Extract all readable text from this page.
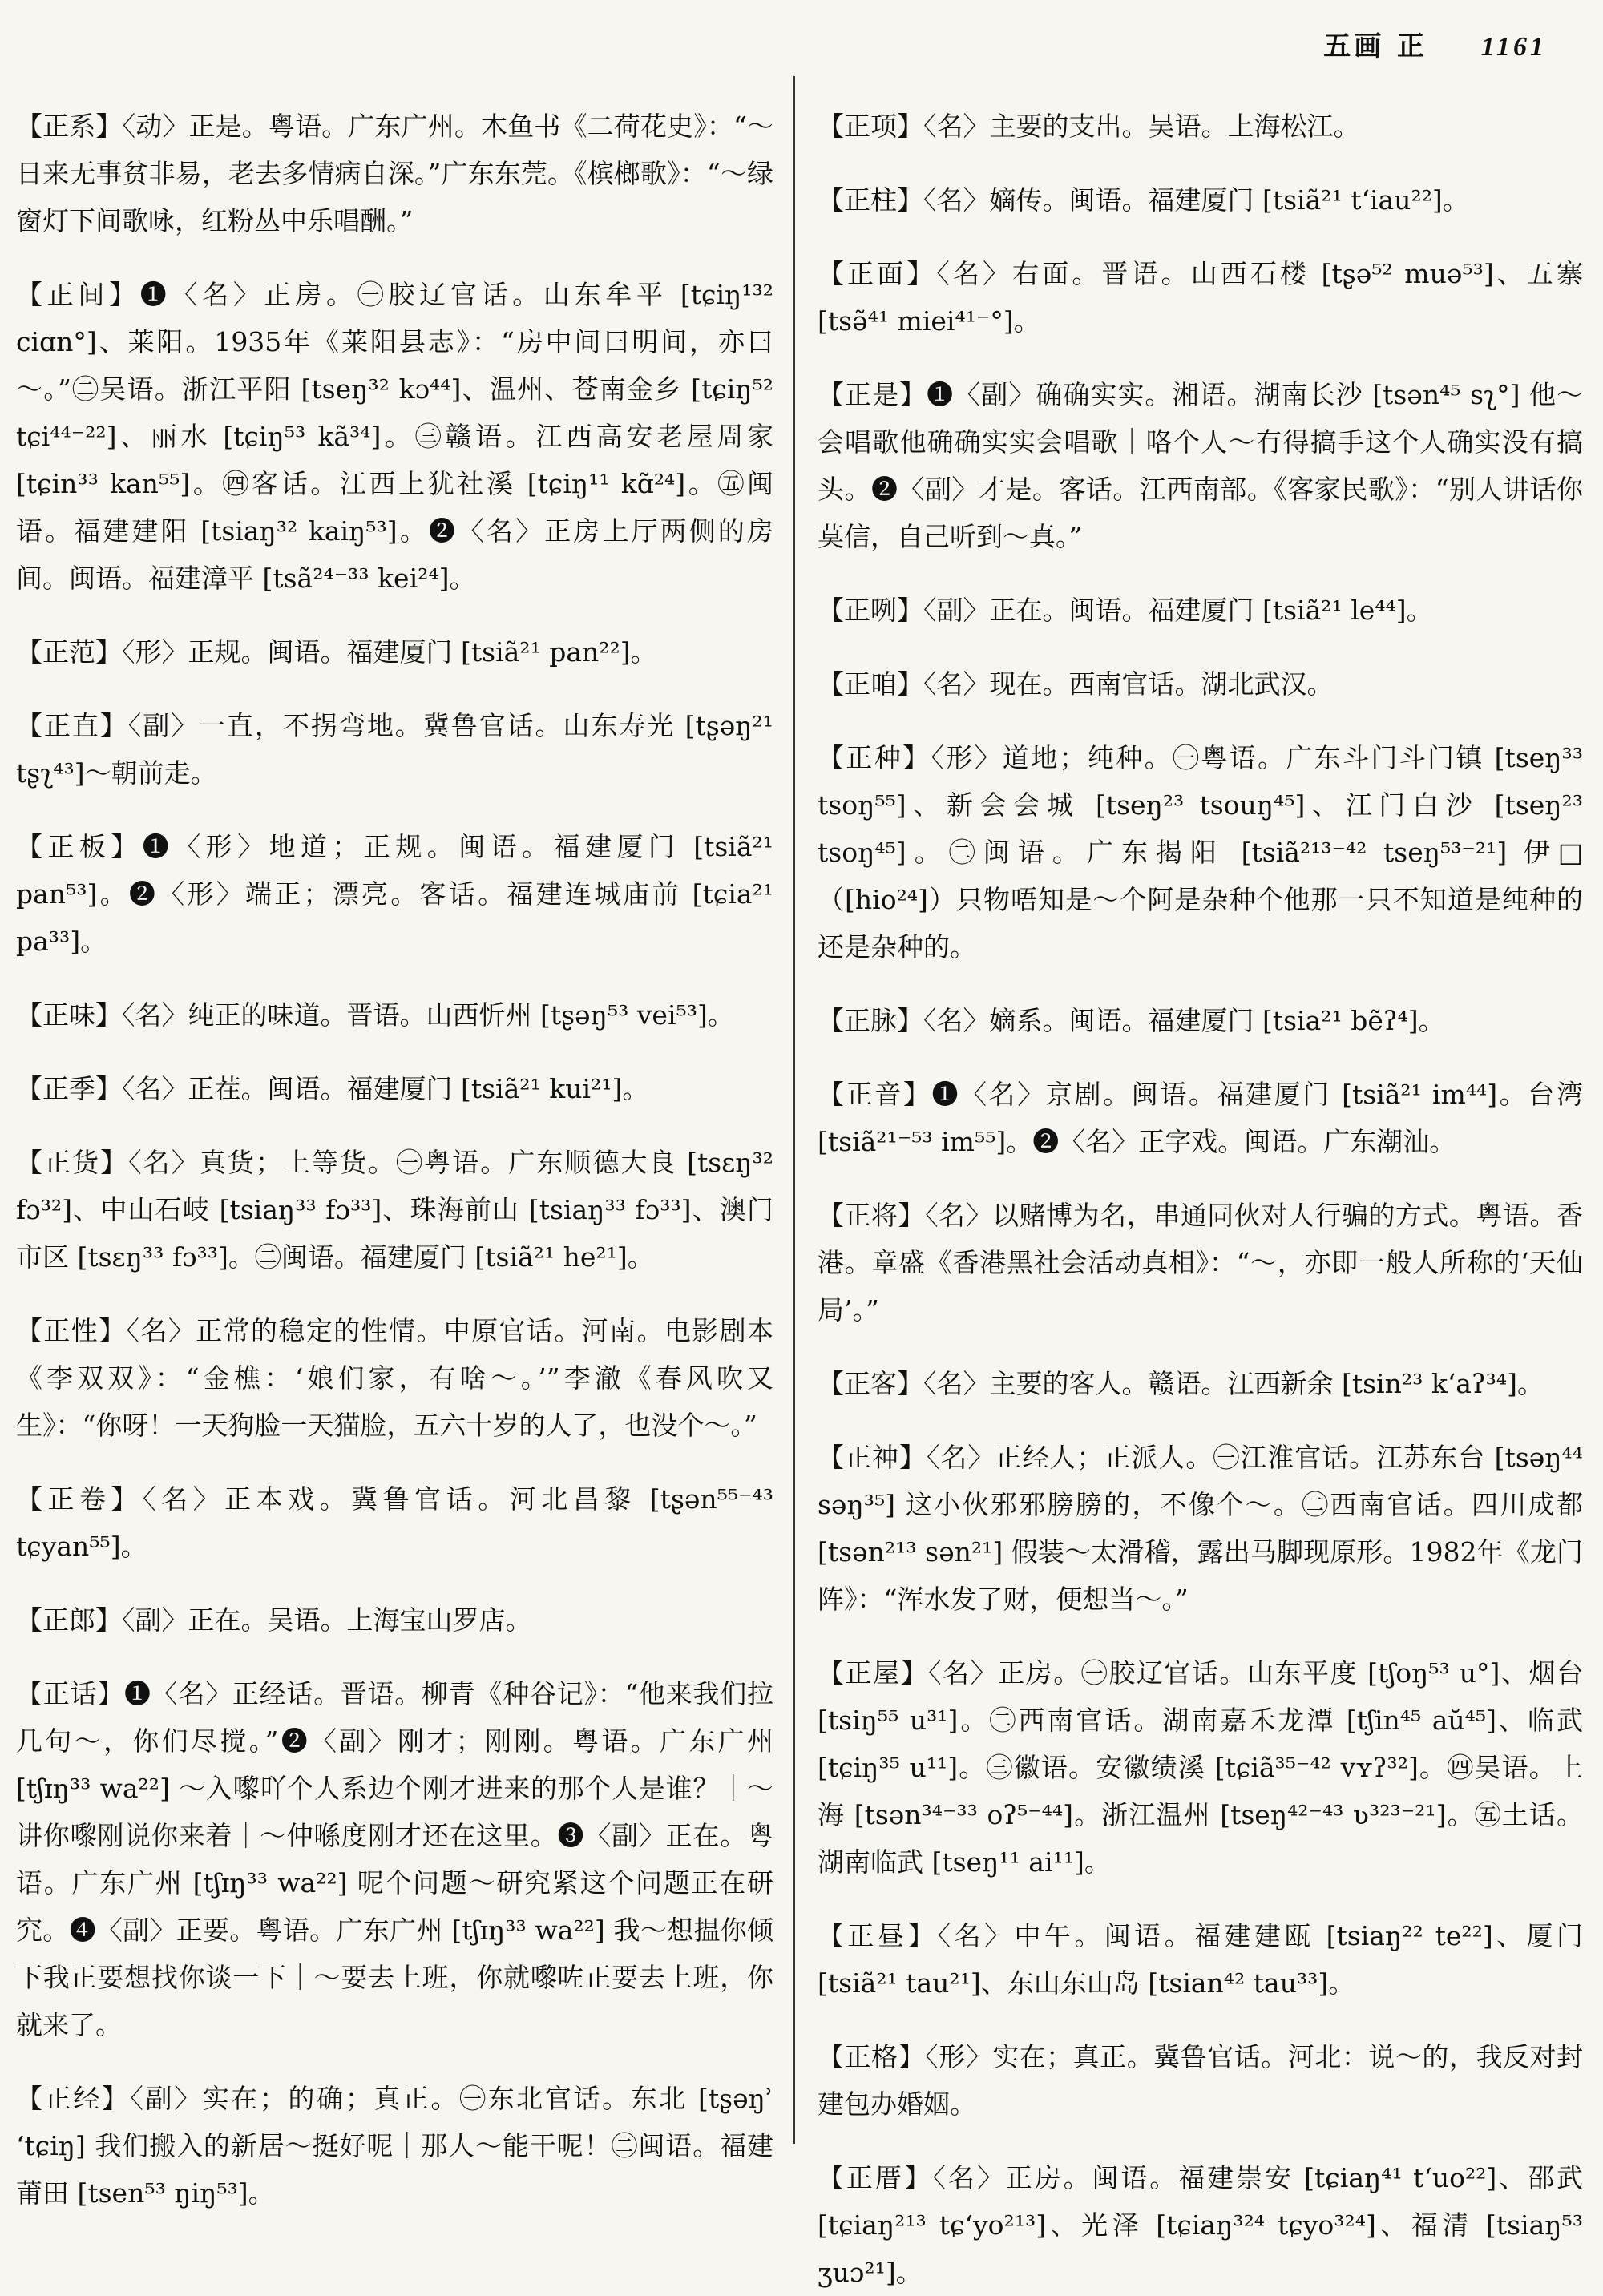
五画 正 1161

【正系】〈动〉正是。粤语。广东广州。木鱼书《二荷花史》：“～日来无事贫非易，老去多情病自深。”广东东莞。《槟榔歌》：“～绿窗灯下间歌咏，红粉丛中乐唱酬。”

【正间】❶〈名〉正房。㊀胶辽官话。山东牟平 [tɕiŋ¹³² ciɑn°]、莱阳。1935年《莱阳县志》：“房中间曰明间，亦曰～。”㊁吴语。浙江平阳 [tseŋ³² kɔ⁴⁴]、温州、苍南金乡 [tɕiŋ⁵² tɕi⁴⁴⁻²²]、丽水 [tɕiŋ⁵³ kã³⁴]。㊂赣语。江西高安老屋周家 [tɕin³³ kan⁵⁵]。㊃客话。江西上犹社溪 [tɕiŋ¹¹ kɑ̃²⁴]。㊄闽语。福建建阳 [tsiaŋ³² kaiŋ⁵³]。❷〈名〉正房上厅两侧的房间。闽语。福建漳平 [tsã²⁴⁻³³ kei²⁴]。

【正范】〈形〉正规。闽语。福建厦门 [tsiã²¹ pan²²]。

【正直】〈副〉一直，不拐弯地。冀鲁官话。山东寿光 [tʂəŋ²¹ tʂʅ⁴³]～朝前走。

【正板】❶〈形〉地道；正规。闽语。福建厦门 [tsiã²¹ pan⁵³]。❷〈形〉端正；漂亮。客话。福建连城庙前 [tɕia²¹ pa³³]。

【正味】〈名〉纯正的味道。晋语。山西忻州 [tʂəŋ⁵³ vei⁵³]。

【正季】〈名〉正茬。闽语。福建厦门 [tsiã²¹ kui²¹]。

【正货】〈名〉真货；上等货。㊀粤语。广东顺德大良 [tsɛŋ³² fɔ³²]、中山石岐 [tsiaŋ³³ fɔ³³]、珠海前山 [tsiaŋ³³ fɔ³³]、澳门市区 [tsɛŋ³³ fɔ³³]。㊁闽语。福建厦门 [tsiã²¹ he²¹]。

【正性】〈名〉正常的稳定的性情。中原官话。河南。电影剧本《李双双》：“金樵：‘娘们家，有啥～。’”李澈《春风吹又生》：“你呀！一天狗脸一天猫脸，五六十岁的人了，也没个～。”

【正卷】〈名〉正本戏。冀鲁官话。河北昌黎 [tʂən⁵⁵⁻⁴³ tɕyan⁵⁵]。

【正郎】〈副〉正在。吴语。上海宝山罗店。

【正话】❶〈名〉正经话。晋语。柳青《种谷记》：“他来我们拉几句～，你们尽搅。”❷〈副〉刚才；刚刚。粤语。广东广州 [tʃɪŋ³³ wa²²] ～入嚟吖个人系边个刚才进来的那个人是谁？｜～讲你嚟刚说你来着｜～仲喺度刚才还在这里。❸〈副〉正在。粤语。广东广州 [tʃɪŋ³³ wa²²] 呢个问题～研究紧这个问题正在研究。❹〈副〉正要。粤语。广东广州 [tʃɪŋ³³ wa²²] 我～想揾你倾下我正要想找你谈一下｜～要去上班，你就嚟咗正要去上班，你就来了。

【正经】〈副〉实在；的确；真正。㊀东北官话。东北 [tʂəŋʾ ʻtɕiŋ] 我们搬入的新居～挺好呢｜那人～能干呢！㊁闽语。福建莆田 [tsen⁵³ ŋiŋ⁵³]。

【正项】〈名〉主要的支出。吴语。上海松江。

【正柱】〈名〉嫡传。闽语。福建厦门 [tsiã²¹ tʻiau²²]。

【正面】〈名〉右面。晋语。山西石楼 [tʂə⁵² muə⁵³]、五寨 [tsə̃⁴¹ miei⁴¹⁻°]。

【正是】❶〈副〉确确实实。湘语。湖南长沙 [tsən⁴⁵ sʅ°] 他～会唱歌他确确实实会唱歌｜咯个人～冇得搞手这个人确实没有搞头。❷〈副〉才是。客话。江西南部。《客家民歌》：“别人讲话你莫信，自己听到～真。”

【正咧】〈副〉正在。闽语。福建厦门 [tsiã²¹ le⁴⁴]。

【正咱】〈名〉现在。西南官话。湖北武汉。

【正种】〈形〉道地；纯种。㊀粤语。广东斗门斗门镇 [tseŋ³³ tsoŋ⁵⁵]、新会会城 [tseŋ²³ tsouŋ⁴⁵]、江门白沙 [tseŋ²³ tsoŋ⁴⁵]。㊁闽语。广东揭阳 [tsiã²¹³⁻⁴² tseŋ⁵³⁻²¹] 伊□（[hio²⁴]）只物唔知是～个阿是杂种个他那一只不知道是纯种的还是杂种的。

【正脉】〈名〉嫡系。闽语。福建厦门 [tsia²¹ bẽʔ⁴]。

【正音】❶〈名〉京剧。闽语。福建厦门 [tsiã²¹ im⁴⁴]。台湾 [tsiã²¹⁻⁵³ im⁵⁵]。❷〈名〉正字戏。闽语。广东潮汕。

【正将】〈名〉以赌博为名，串通同伙对人行骗的方式。粤语。香港。章盛《香港黑社会活动真相》：“～，亦即一般人所称的‘天仙局’。”

【正客】〈名〉主要的客人。赣语。江西新余 [tsin²³ kʻaʔ³⁴]。

【正神】〈名〉正经人；正派人。㊀江淮官话。江苏东台 [tsəŋ⁴⁴ səŋ³⁵] 这小伙邪邪膀膀的，不像个～。㊁西南官话。四川成都 [tsən²¹³ sən²¹] 假装～太滑稽，露出马脚现原形。1982年《龙门阵》：“浑水发了财，便想当～。”

【正屋】〈名〉正房。㊀胶辽官话。山东平度 [tʃoŋ⁵³ u°]、烟台 [tsiŋ⁵⁵ u³¹]。㊁西南官话。湖南嘉禾龙潭 [tʃin⁴⁵ aŭ⁴⁵]、临武 [tɕiŋ³⁵ u¹¹]。㊂徽语。安徽绩溪 [tɕiã³⁵⁻⁴² vʏʔ³²]。㊃吴语。上海 [tsən³⁴⁻³³ oʔ⁵⁻⁴⁴]。浙江温州 [tseŋ⁴²⁻⁴³ ʋ³²³⁻²¹]。㊄土话。湖南临武 [tseŋ¹¹ ai¹¹]。

【正昼】〈名〉中午。闽语。福建建瓯 [tsiaŋ²² te²²]、厦门 [tsiã²¹ tau²¹]、东山东山岛 [tsian⁴² tau³³]。

【正格】〈形〉实在；真正。冀鲁官话。河北：说～的，我反对封建包办婚姻。

【正厝】〈名〉正房。闽语。福建崇安 [tɕiaŋ⁴¹ tʻuo²²]、邵武 [tɕiaŋ²¹³ tɕʻyo²¹³]、光泽 [tɕiaŋ³²⁴ tɕyo³²⁴]、福清 [tsiaŋ⁵³ ʒuɔ²¹]。
